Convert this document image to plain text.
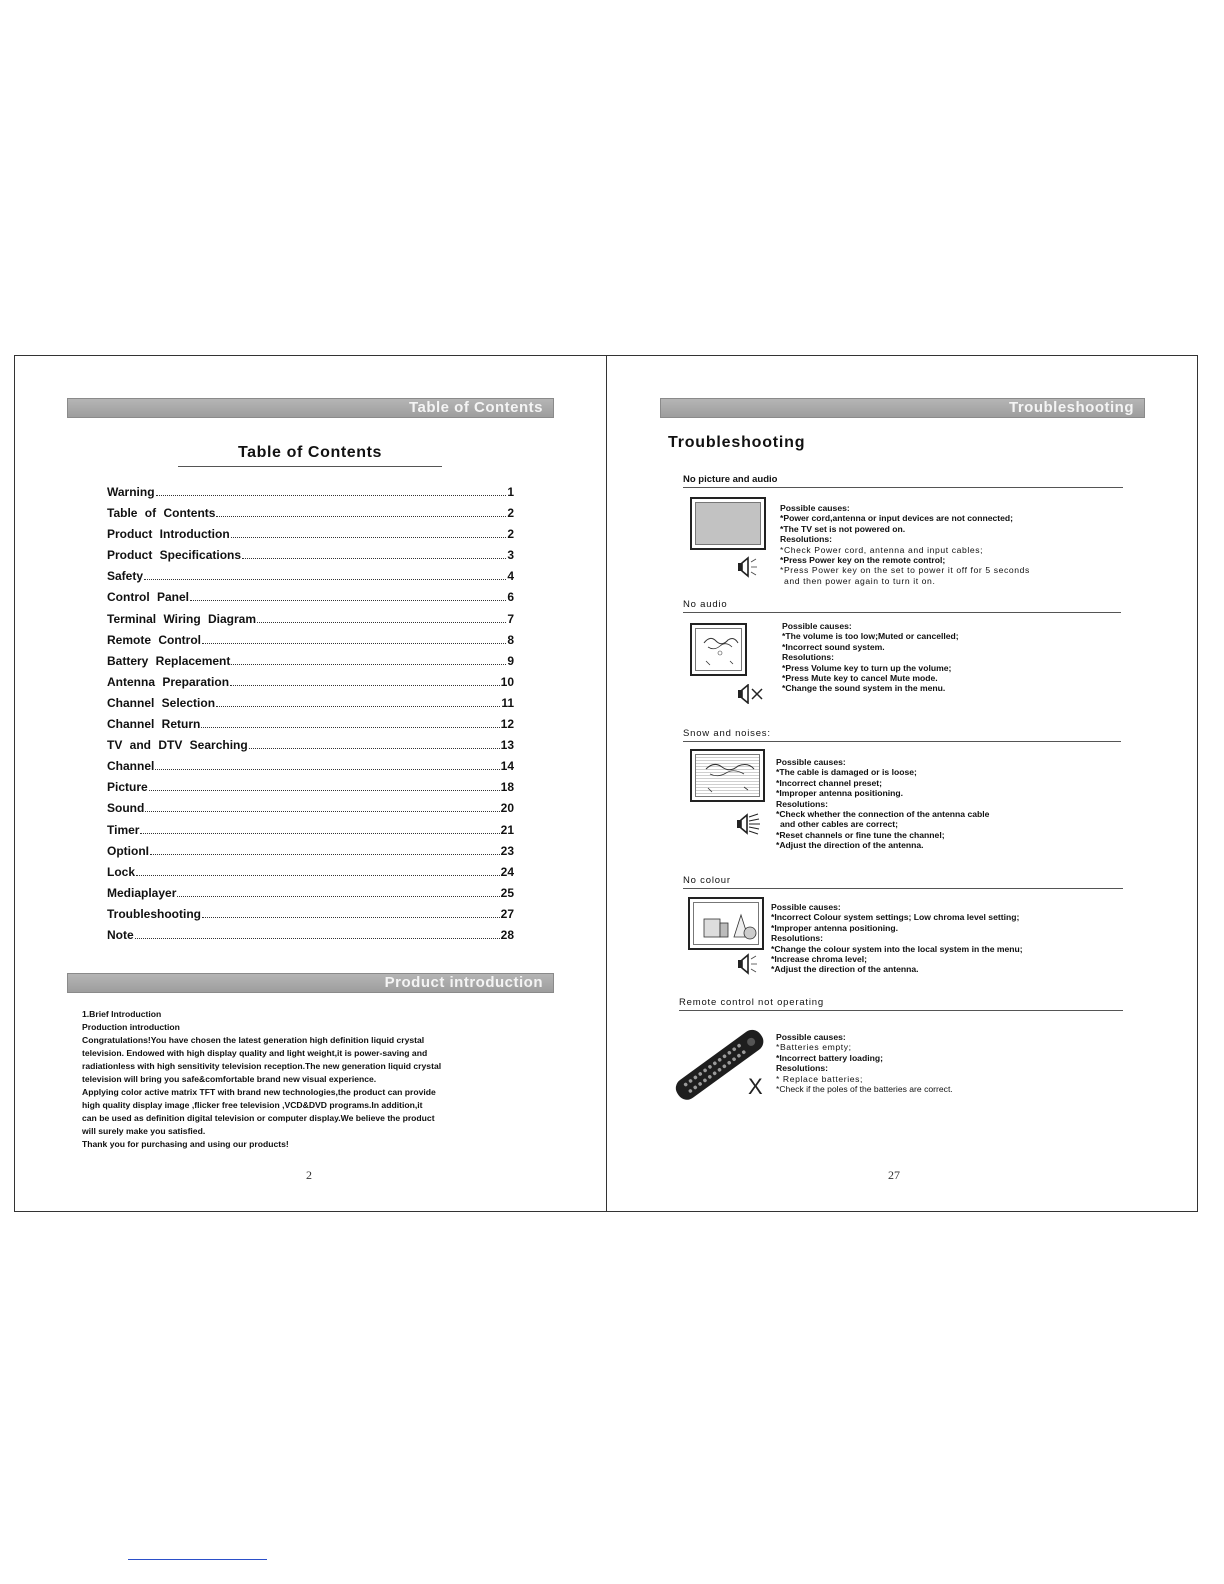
Table of Contents
Table of Contents
Warning	1
Table of Contents	2
Product Introduction	2
Product Specifications	3
Safety	4
Control Panel	6
Terminal Wiring Diagram	7
Remote Control	8
Battery Replacement	9
Antenna Preparation	10
Channel Selection	11
Channel Return	12
TV and DTV Searching	13
Channel	14
Picture	18
Sound	20
Timer	21
OptionI	23
Lock	24
Mediaplayer	25
Troubleshooting	27
Note	28
Product introduction
1.Brief Introduction
Production introduction
Congratulations!You have chosen the latest generation high definition liquid crystal
television. Endowed with high display quality and light weight,it is power-saving and
radiationless with high sensitivity television reception.The new generation liquid crystal
television will bring you safe&comfortable brand new visual experience.
Applying color active matrix TFT with brand new technologies,the product can provide
high quality display image ,flicker free television ,VCD&DVD programs.In addition,it
can be used as definition digital television or computer display.We believe the product
will surely make you satisfied.
Thank you for purchasing and using our products!
2
Troubleshooting
Troubleshooting
No picture and audio
Possible causes:
*Power cord,antenna or input devices are not connected;
*The TV set is not powered on.
Resolutions:
*Check Power cord, antenna and input cables;
*Press Power key on the remote control;
*Press Power key on the set to power it off for 5 seconds
and then power again to turn it on.
No audio
Possible causes:
*The volume is too low;Muted or cancelled;
*Incorrect sound system.
Resolutions:
*Press Volume key to turn up the volume;
*Press Mute key to cancel Mute mode.
*Change the sound system in the menu.
Snow and noises:
Possible causes:
*The cable is damaged or is loose;
*Incorrect channel preset;
*Improper antenna positioning.
Resolutions:
*Check whether the connection of the antenna cable
and other cables are correct;
*Reset channels or fine tune the channel;
*Adjust the direction of the antenna.
No colour
Possible causes:
*Incorrect Colour system settings; Low chroma level setting;
*Improper antenna positioning.
Resolutions:
*Change the colour system into the local system in the menu;
*Increase chroma level;
*Adjust the direction of the antenna.
Remote control not operating
X
Possible causes:
*Batteries empty;
*Incorrect battery loading;
Resolutions:
* Replace batteries;
*Check if the poles of the batteries are correct.
27
